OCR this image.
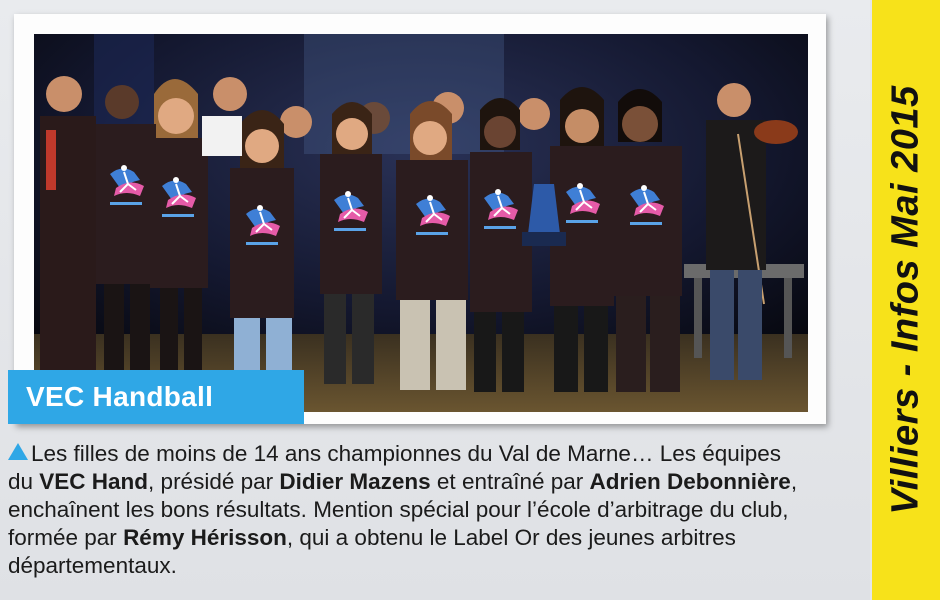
VEC Handball
Les filles de moins de 14 ans championnes du Val de Marne… Les équipes du VEC Hand, présidé par Didier Mazens et entraîné par Adrien Debonnière, enchaînent les bons résultats. Mention spécial pour l’école d’arbitrage du club, formée par Rémy Hérisson, qui a obtenu le Label Or des jeunes arbitres départementaux.
Villiers - Infos Mai 2015
